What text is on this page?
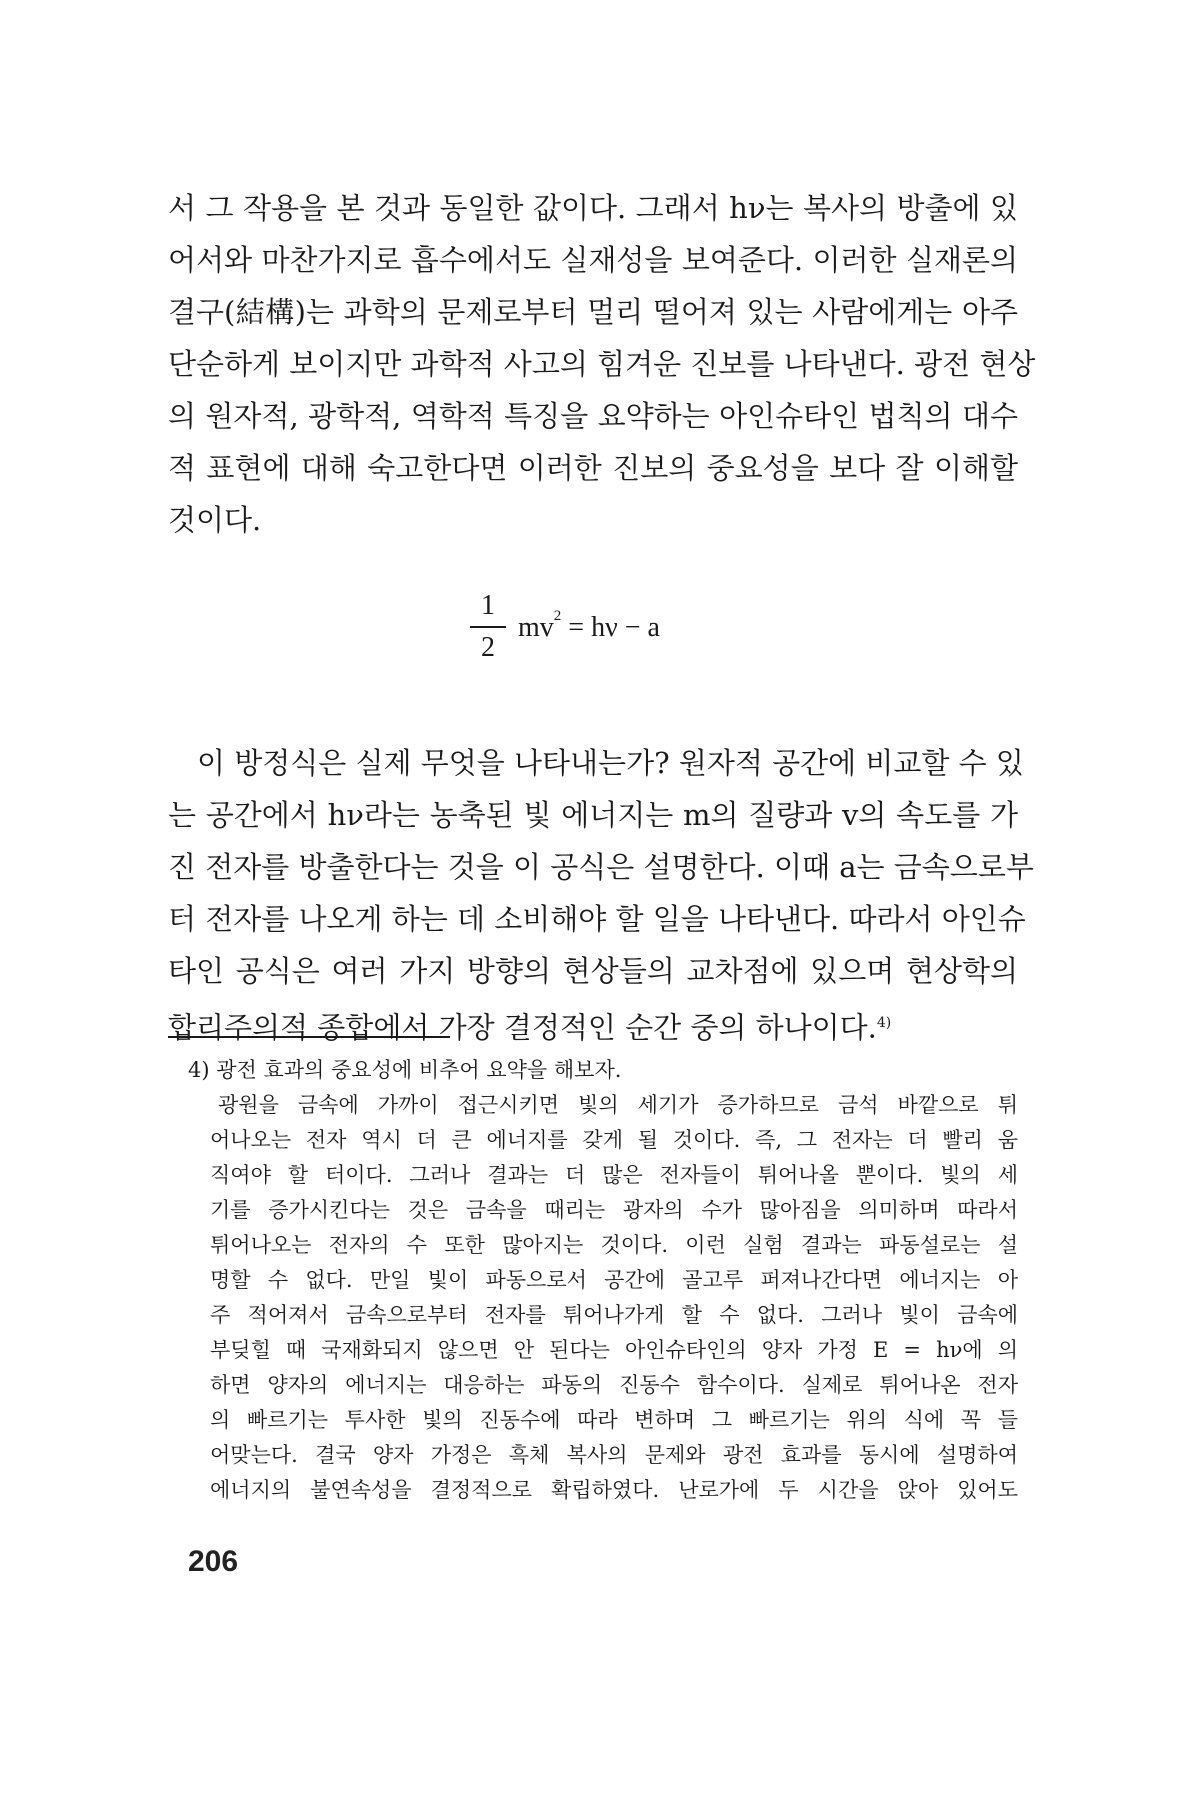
서 그 작용을 본 것과 동일한 값이다. 그래서 hν는 복사의 방출에 있
어서와 마찬가지로 흡수에서도 실재성을 보여준다. 이러한 실재론의
결구(結構)는 과학의 문제로부터 멀리 떨어져 있는 사람에게는 아주
단순하게 보이지만 과학적 사고의 힘겨운 진보를 나타낸다. 광전 현상
의 원자적, 광학적, 역학적 특징을 요약하는 아인슈타인 법칙의 대수
적 표현에 대해 숙고한다면 이러한 진보의 중요성을 보다 잘 이해할
것이다.
1
2
$mv^2 = h\nu - a$
이 방정식은 실제 무엇을 나타내는가? 원자적 공간에 비교할 수 있
는 공간에서 hν라는 농축된 빛 에너지는 m의 질량과 v의 속도를 가
진 전자를 방출한다는 것을 이 공식은 설명한다. 이때 a는 금속으로부
터 전자를 나오게 하는 데 소비해야 할 일을 나타낸다. 따라서 아인슈
타인 공식은 여러 가지 방향의 현상들의 교차점에 있으며 현상학의
합리주의적 종합에서 가장 결정적인 순간 중의 하나이다.$^{4)}$
4) 광전 효과의 중요성에 비추어 요약을 해보자.
광원을 금속에 가까이 접근시키면 빛의 세기가 증가하므로 금석 바깥으로 튀
어나오는 전자 역시 더 큰 에너지를 갖게 될 것이다. 즉, 그 전자는 더 빨리 움
직여야 할 터이다. 그러나 결과는 더 많은 전자들이 튀어나올 뿐이다. 빛의 세
기를 증가시킨다는 것은 금속을 때리는 광자의 수가 많아짐을 의미하며 따라서
튀어나오는 전자의 수 또한 많아지는 것이다. 이런 실험 결과는 파동설로는 설
명할 수 없다. 만일 빛이 파동으로서 공간에 골고루 퍼져나간다면 에너지는 아
주 적어져서 금속으로부터 전자를 튀어나가게 할 수 없다. 그러나 빛이 금속에
부딪힐 때 국재화되지 않으면 안 된다는 아인슈타인의 양자 가정 E = hν에 의
하면 양자의 에너지는 대응하는 파동의 진동수 함수이다. 실제로 튀어나온 전자
의 빠르기는 투사한 빛의 진동수에 따라 변하며 그 빠르기는 위의 식에 꼭 들
어맞는다. 결국 양자 가정은 흑체 복사의 문제와 광전 효과를 동시에 설명하여
에너지의 불연속성을 결정적으로 확립하였다. 난로가에 두 시간을 앉아 있어도
206
